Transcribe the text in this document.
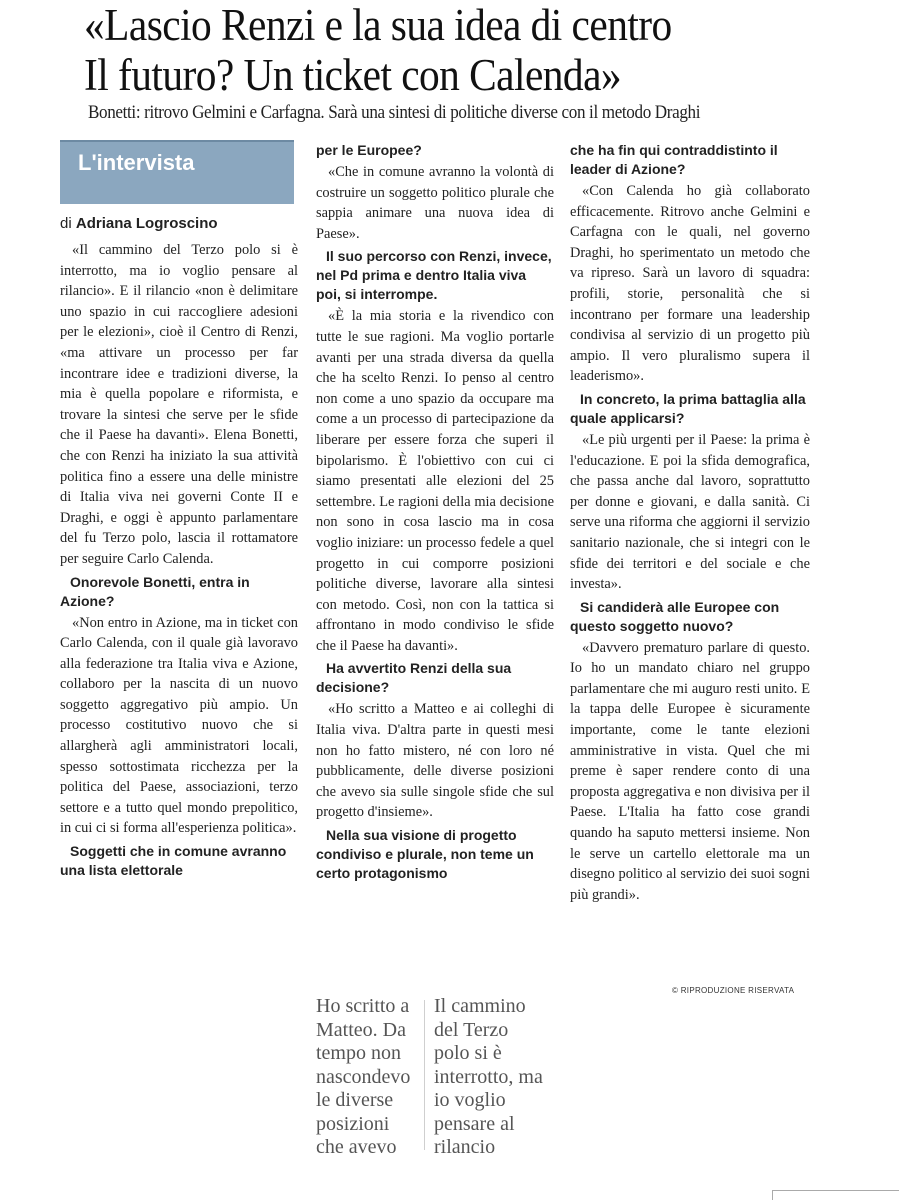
«Lascio Renzi e la sua idea di centro
Il futuro? Un ticket con Calenda»
Bonetti: ritrovo Gelmini e Carfagna. Sarà una sintesi di politiche diverse con il metodo Draghi
L'intervista
di Adriana Logroscino

«Il cammino del Terzo polo si è interrotto, ma io voglio pensare al rilancio». E il rilancio «non è delimitare uno spazio in cui raccogliere adesioni per le elezioni», cioè il Centro di Renzi, «ma attivare un processo per far incontrare idee e tradizioni diverse, la mia è quella popolare e riformista, e trovare la sintesi che serve per le sfide che il Paese ha davanti». Elena Bonetti, che con Renzi ha iniziato la sua attività politica fino a essere una delle ministre di Italia viva nei governi Conte II e Draghi, e oggi è appunto parlamentare del fu Terzo polo, lascia il rottamatore per seguire Carlo Calenda.

Onorevole Bonetti, entra in Azione?

«Non entro in Azione, ma in ticket con Carlo Calenda, con il quale già lavoravo alla federazione tra Italia viva e Azione, collaboro per la nascita di un nuovo soggetto aggregativo più ampio. Un processo costitutivo nuovo che si allargherà agli amministratori locali, spesso sottostimata ricchezza per la politica del Paese, associazioni, terzo settore e a tutto quel mondo prepolitico, in cui ci si forma all'esperienza politica».

Soggetti che in comune avranno una lista elettorale

per le Europee?

«Che in comune avranno la volontà di costruire un soggetto politico plurale che sappia animare una nuova idea di Paese».

Il suo percorso con Renzi, invece, nel Pd prima e dentro Italia viva poi, si interrompe.

«È la mia storia e la rivendico con tutte le sue ragioni. Ma voglio portarle avanti per una strada diversa da quella che ha scelto Renzi. Io penso al centro non come a uno spazio da occupare ma come a un processo di partecipazione da liberare per essere forza che superi il bipolarismo. È l'obiettivo con cui ci siamo presentati alle elezioni del 25 settembre. Le ragioni della mia decisione non sono in cosa lascio ma in cosa voglio iniziare: un processo fedele a quel progetto in cui comporre posizioni politiche diverse, lavorare alla sintesi con metodo. Così, non con la tattica si affrontano in modo condiviso le sfide che il Paese ha davanti».

Ha avvertito Renzi della sua decisione?

«Ho scritto a Matteo e ai colleghi di Italia viva. D'altra parte in questi mesi non ho fatto mistero, né con loro né pubblicamente, delle diverse posizioni che avevo sia sulle singole sfide che sul progetto d'insieme».

Nella sua visione di progetto condiviso e plurale, non teme un certo protagonismo

che ha fin qui contraddistinto il leader di Azione?

«Con Calenda ho già collaborato efficacemente. Ritrovo anche Gelmini e Carfagna con le quali, nel governo Draghi, ho sperimentato un metodo che va ripreso. Sarà un lavoro di squadra: profili, storie, personalità che si incontrano per formare una leadership condivisa al servizio di un progetto più ampio. Il vero pluralismo supera il leaderismo».

In concreto, la prima battaglia alla quale applicarsi?

«Le più urgenti per il Paese: la prima è l'educazione. E poi la sfida demografica, che passa anche dal lavoro, soprattutto per donne e giovani, e dalla sanità. Ci serve una riforma che aggiorni il servizio sanitario nazionale, che si integri con le sfide dei territori e del sociale e che investa».

Si candiderà alle Europee con questo soggetto nuovo?

«Davvero prematuro parlare di questo. Io ho un mandato chiaro nel gruppo parlamentare che mi auguro resti unito. E la tappa delle Europee è sicuramente importante, come le tante elezioni amministrative in vista. Quel che mi preme è saper rendere conto di una proposta aggregativa e non divisiva per il Paese. L'Italia ha fatto cose grandi quando ha saputo mettersi insieme. Non le serve un cartello elettorale ma un disegno politico al servizio dei suoi sogni più grandi».

© RIPRODUZIONE RISERVATA
Ho scritto a Matteo. Da tempo non nascondevo le diverse posizioni che avevo
Il cammino del Terzo polo si è interrotto, ma io voglio pensare al rilancio
